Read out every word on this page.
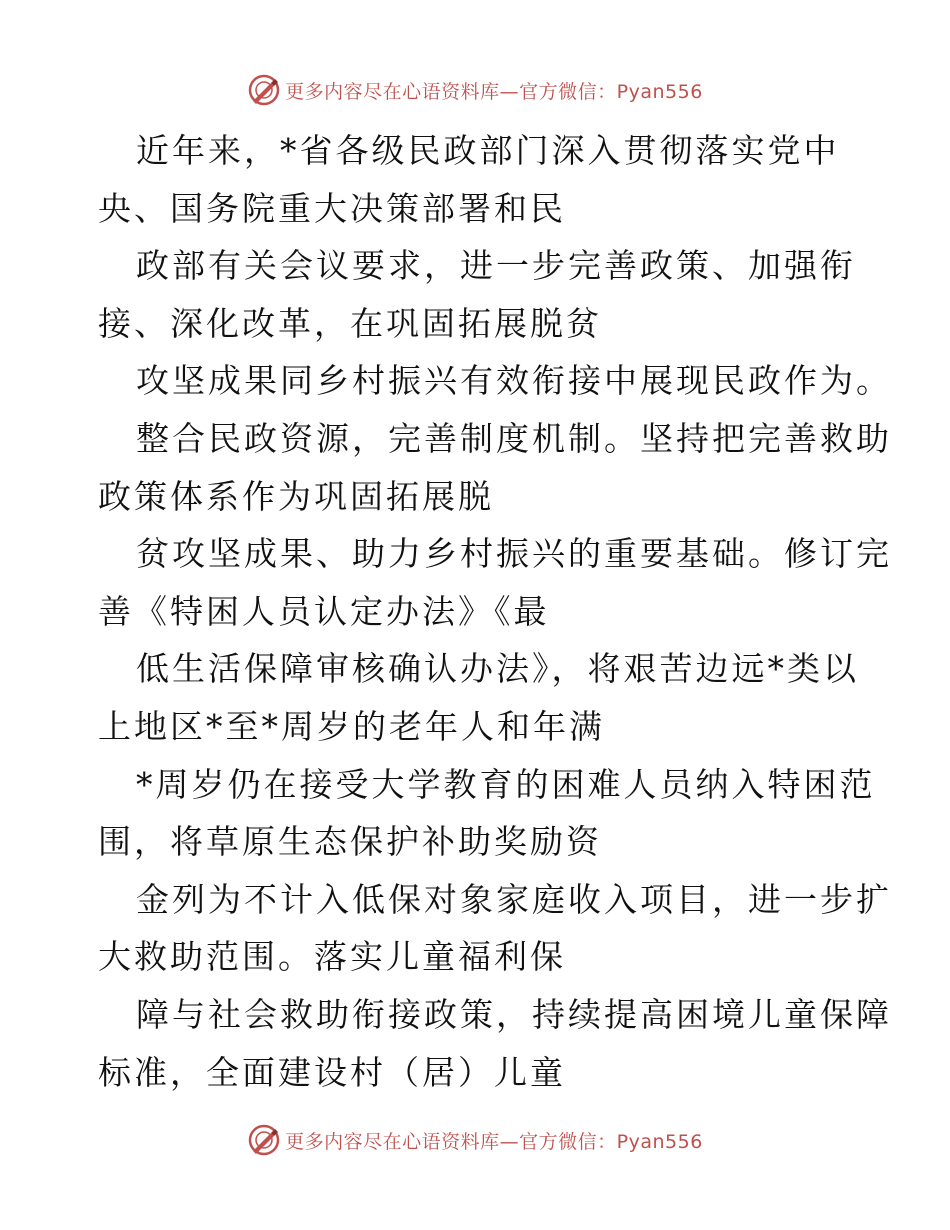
更多内容尽在心语资料库—官方微信：Pyan556
近年来，*省各级民政部门深入贯彻落实党中
央、国务院重大决策部署和民
政部有关会议要求，进一步完善政策、加强衔
接、深化改革，在巩固拓展脱贫
攻坚成果同乡村振兴有效衔接中展现民政作为。
整合民政资源，完善制度机制。坚持把完善救助
政策体系作为巩固拓展脱
贫攻坚成果、助力乡村振兴的重要基础。修订完
善《特困人员认定办法》《最
低生活保障审核确认办法》，将艰苦边远*类以
上地区*至*周岁的老年人和年满
*周岁仍在接受大学教育的困难人员纳入特困范
围，将草原生态保护补助奖励资
金列为不计入低保对象家庭收入项目，进一步扩
大救助范围。落实儿童福利保
障与社会救助衔接政策，持续提高困境儿童保障
标准，全面建设村（居）儿童
更多内容尽在心语资料库—官方微信：Pyan556
